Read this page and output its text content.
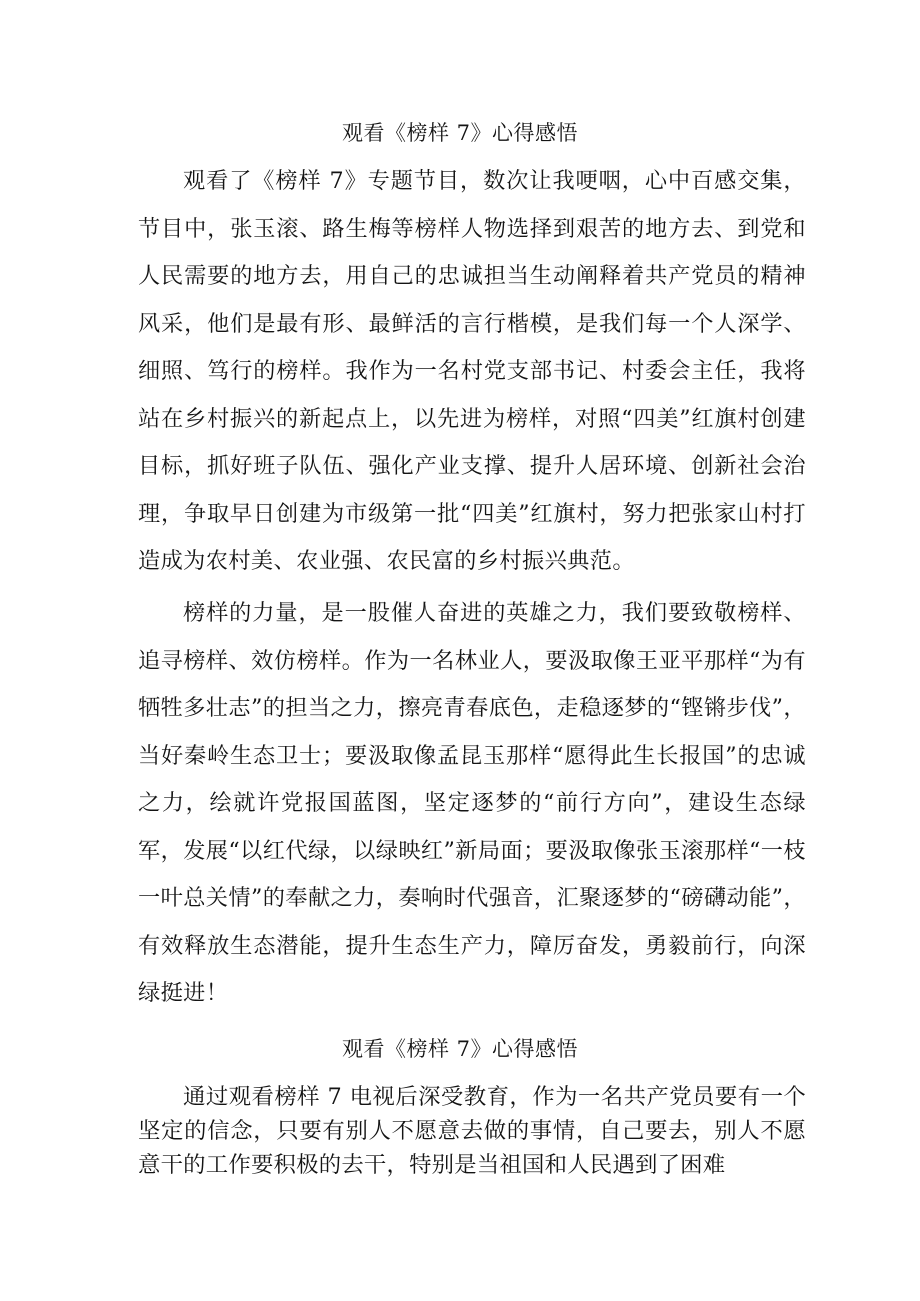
观看《榜样 7》心得感悟

观看了《榜样 7》专题节目，数次让我哽咽，心中百感交集，节目中，张玉滚、路生梅等榜样人物选择到艰苦的地方去、到党和人民需要的地方去，用自己的忠诚担当生动阐释着共产党员的精神风采，他们是最有形、最鲜活的言行楷模，是我们每一个人深学、细照、笃行的榜样。我作为一名村党支部书记、村委会主任，我将站在乡村振兴的新起点上，以先进为榜样，对照“四美”红旗村创建目标，抓好班子队伍、强化产业支撑、提升人居环境、创新社会治理，争取早日创建为市级第一批“四美”红旗村，努力把张家山村打造成为农村美、农业强、农民富的乡村振兴典范。

榜样的力量，是一股催人奋进的英雄之力，我们要致敬榜样、追寻榜样、效仿榜样。作为一名林业人，要汲取像王亚平那样“为有牺牲多壮志”的担当之力，擦亮青春底色，走稳逐梦的“铿锵步伐”，当好秦岭生态卫士；要汲取像孟昆玉那样“愿得此生长报国”的忠诚之力，绘就许党报国蓝图，坚定逐梦的“前行方向”，建设生态绿军，发展“以红代绿，以绿映红”新局面；要汲取像张玉滚那样“一枝一叶总关情”的奉献之力，奏响时代强音，汇聚逐梦的“磅礴动能”，有效释放生态潜能，提升生态生产力，障厉奋发，勇毅前行，向深绿挺进！

观看《榜样 7》心得感悟

通过观看榜样 7 电视后深受教育，作为一名共产党员要有一个坚定的信念，只要有别人不愿意去做的事情，自己要去，别人不愿意干的工作要积极的去干，特别是当祖国和人民遇到了困难
